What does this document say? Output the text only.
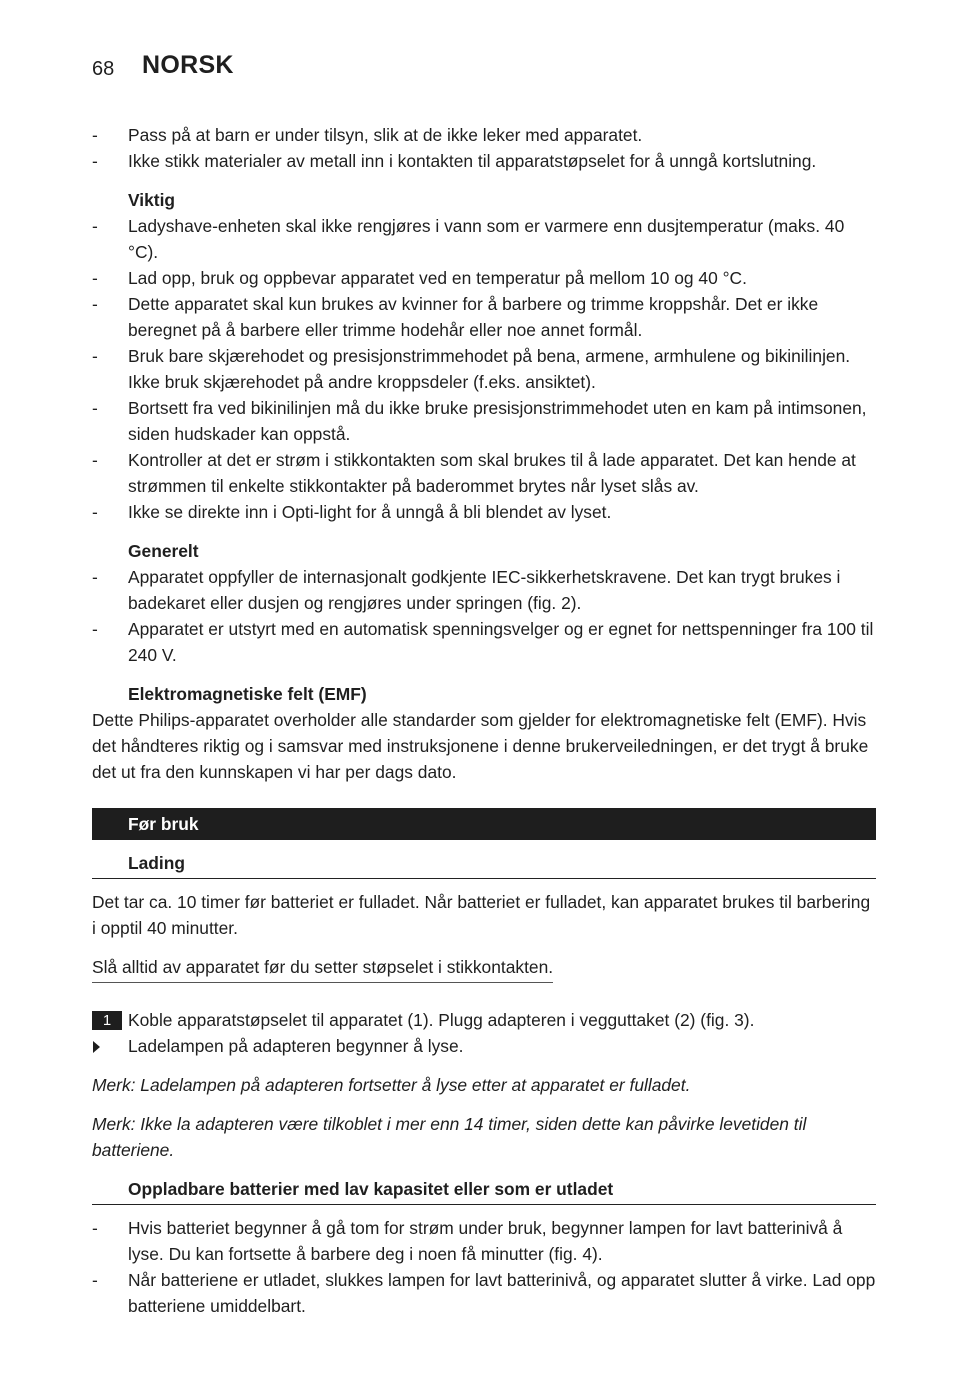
68 NORSK
- Pass på at barn er under tilsyn, slik at de ikke leker med apparatet.
- Ikke stikk materialer av metall inn i kontakten til apparatstøpselet for å unngå kortslutning.
Viktig
- Ladyshave-enheten skal ikke rengjøres i vann som er varmere enn dusjtemperatur (maks. 40 °C).
- Lad opp, bruk og oppbevar apparatet ved en temperatur på mellom 10 og 40 °C.
- Dette apparatet skal kun brukes av kvinner for å barbere og trimme kroppshår. Det er ikke beregnet på å barbere eller trimme hodehår eller noe annet formål.
- Bruk bare skjærehodet og presisjonstrimmehodet på bena, armene, armhulene og bikinilinjen. Ikke bruk skjærehodet på andre kroppsdeler (f.eks. ansiktet).
- Bortsett fra ved bikinilinjen må du ikke bruke presisjonstrimmehodet uten en kam på intimsonen, siden hudskader kan oppstå.
- Kontroller at det er strøm i stikkontakten som skal brukes til å lade apparatet. Det kan hende at strømmen til enkelte stikkontakter på baderommet brytes når lyset slås av.
- Ikke se direkte inn i Opti-light for å unngå å bli blendet av lyset.
Generelt
- Apparatet oppfyller de internasjonalt godkjente IEC-sikkerhetskravene. Det kan trygt brukes i badekaret eller dusjen og rengjøres under springen (fig. 2).
- Apparatet er utstyrt med en automatisk spenningsvelger og er egnet for nettspenninger fra 100 til 240 V.
Elektromagnetiske felt (EMF)

Dette Philips-apparatet overholder alle standarder som gjelder for elektromagnetiske felt (EMF). Hvis det håndteres riktig og i samsvar med instruksjonene i denne brukerveiledningen, er det trygt å bruke det ut fra den kunnskapen vi har per dags dato.

Før bruk
Lading

Det tar ca. 10 timer før batteriet er fulladet. Når batteriet er fulladet, kan apparatet brukes til barbering i opptil 40 minutter.

Slå alltid av apparatet før du setter støpselet i stikkontakten.

1 Koble apparatstøpselet til apparatet (1). Plugg adapteren i vegguttaket (2) (fig. 3).
Ladelampen på adapteren begynner å lyse.

Merk: Ladelampen på adapteren fortsetter å lyse etter at apparatet er fulladet.

Merk: Ikke la adapteren være tilkoblet i mer enn 14 timer, siden dette kan påvirke levetiden til batteriene.

Oppladbare batterier med lav kapasitet eller som er utladet
- Hvis batteriet begynner å gå tom for strøm under bruk, begynner lampen for lavt batterinivå å lyse. Du kan fortsette å barbere deg i noen få minutter (fig. 4).
- Når batteriene er utladet, slukkes lampen for lavt batterinivå, og apparatet slutter å virke. Lad opp batteriene umiddelbart.
